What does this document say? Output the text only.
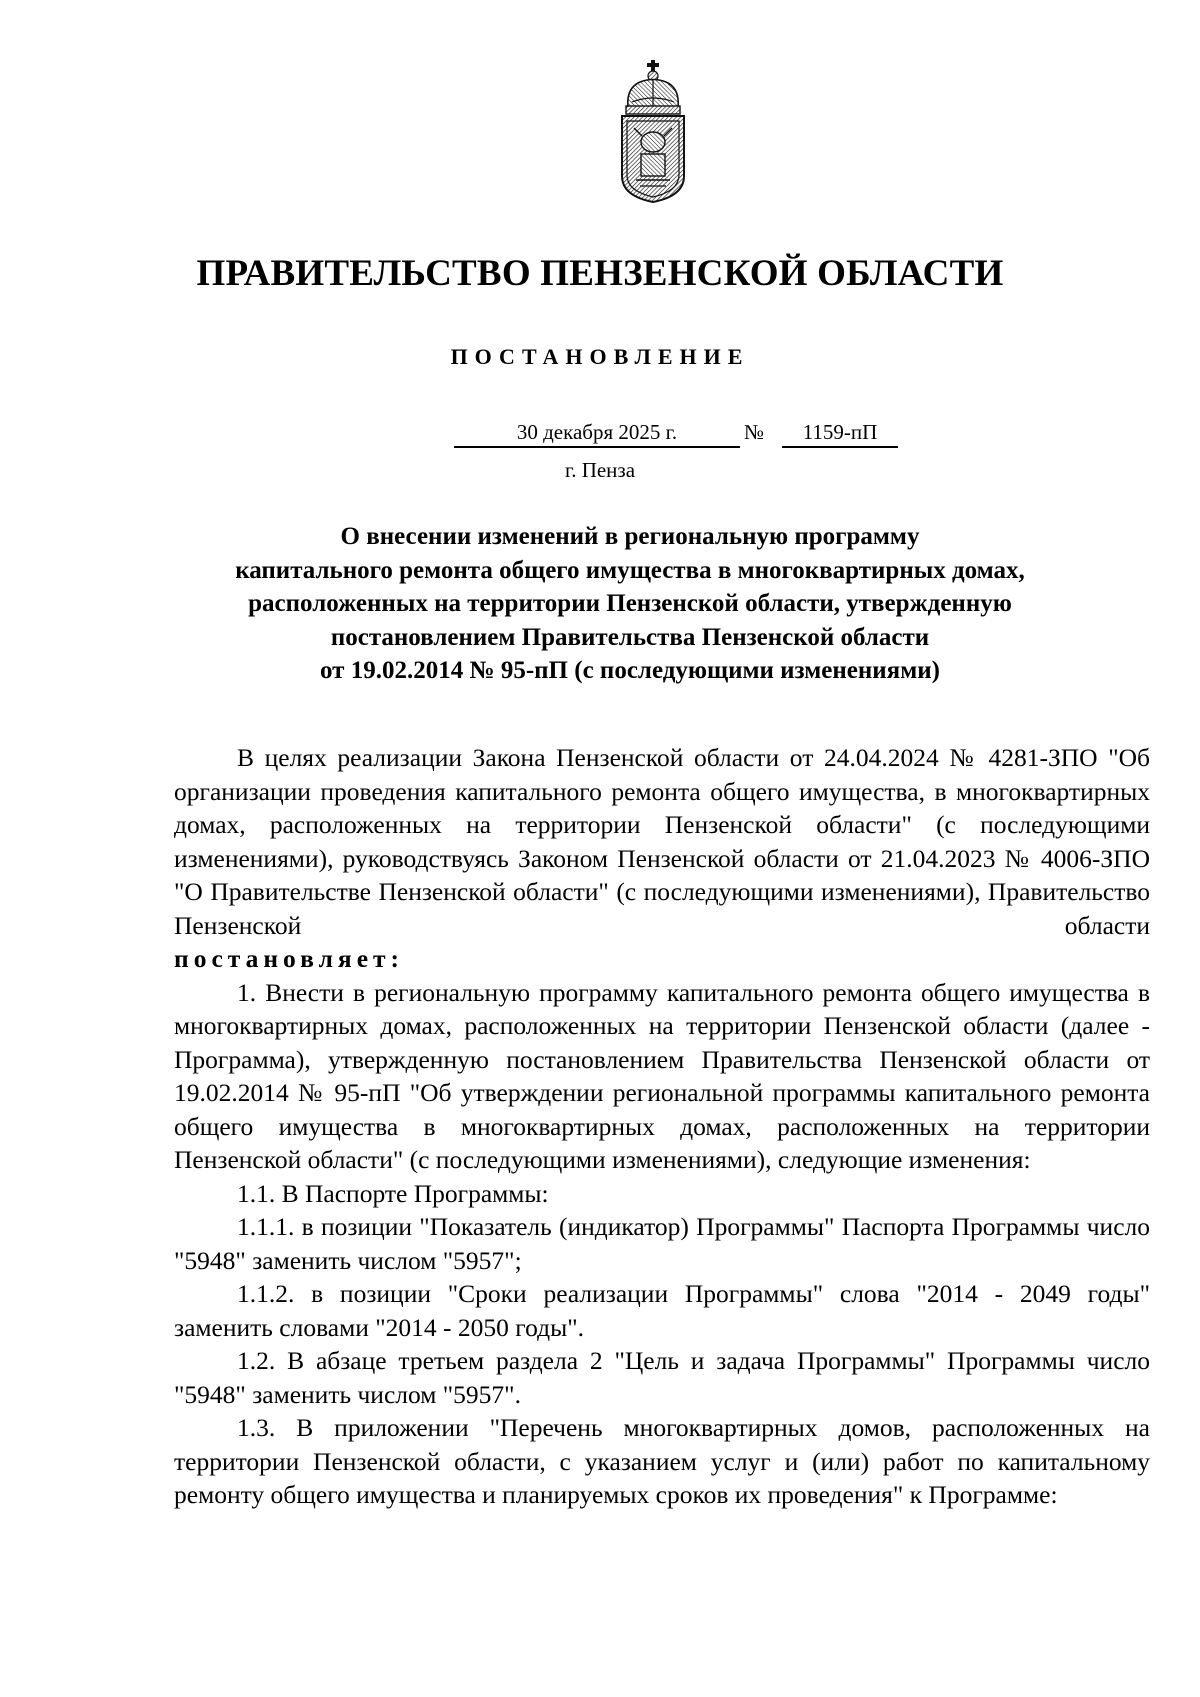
ПРАВИТЕЛЬСТВО ПЕНЗЕНСКОЙ ОБЛАСТИ
ПОСТАНОВЛЕНИЕ
30 декабря 2025 г.	№	1159-пП
г. Пенза
О внесении изменений в региональную программу
капитального ремонта общего имущества в многоквартирных домах,
расположенных на территории Пензенской области, утвержденную
постановлением Правительства Пензенской области
от 19.02.2014 № 95-пП (с последующими изменениями)

В целях реализации Закона Пензенской области от 24.04.2024 № 4281-ЗПО "Об организации проведения капитального ремонта общего имущества, в многоквартирных домах, расположенных на территории Пензенской области" (с последующими изменениями), руководствуясь Законом Пензенской области от 21.04.2023 № 4006-ЗПО "О Правительстве Пензенской области" (с последующими изменениями), Правительство Пензенской области

постановляет:

1. Внести в региональную программу капитального ремонта общего имущества в многоквартирных домах, расположенных на территории Пензенской области (далее - Программа), утвержденную постановлением Правительства Пензенской области от 19.02.2014 № 95-пП "Об утверждении региональной программы капитального ремонта общего имущества в многоквартирных домах, расположенных на территории Пензенской области" (с последующими изменениями), следующие изменения:

1.1. В Паспорте Программы:

1.1.1. в позиции "Показатель (индикатор) Программы" Паспорта Программы число "5948" заменить числом "5957";

1.1.2. в позиции "Сроки реализации Программы" слова "2014 - 2049 годы" заменить словами "2014 - 2050 годы".

1.2. В абзаце третьем раздела 2 "Цель и задача Программы" Программы число "5948" заменить числом "5957".

1.3. В приложении "Перечень многоквартирных домов, расположенных на территории Пензенской области, с указанием услуг и (или) работ по капитальному ремонту общего имущества и планируемых сроков их проведения" к Программе:
